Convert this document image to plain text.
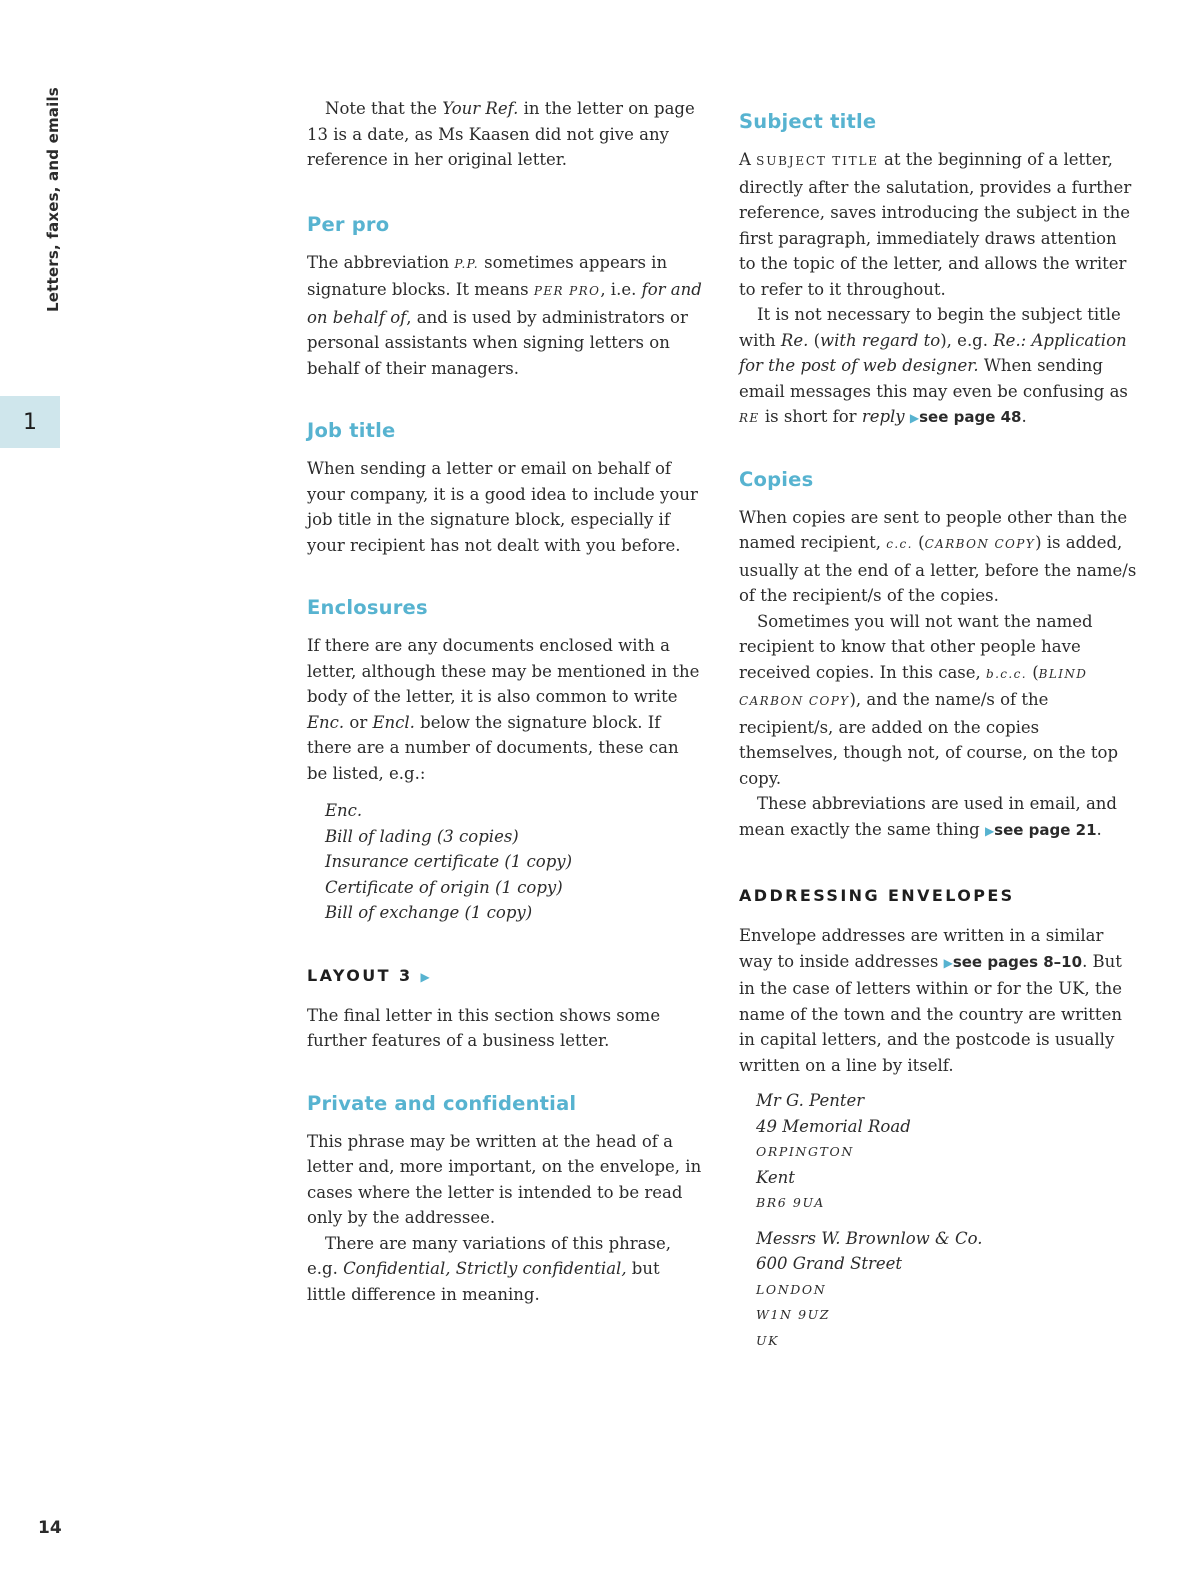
Letters, faxes, and emails
1
14

Note that the Your Ref. in the letter on page 13 is a date, as Ms Kaasen did not give any reference in her original letter.

Per pro

The abbreviation P.P. sometimes appears in signature blocks. It means PER PRO, i.e. for and on behalf of, and is used by administrators or personal assistants when signing letters on behalf of their managers.

Job title

When sending a letter or email on behalf of your company, it is a good idea to include your job title in the signature block, especially if your recipient has not dealt with you before.

Enclosures

If there are any documents enclosed with a letter, although these may be mentioned in the body of the letter, it is also common to write Enc. or Encl. below the signature block. If there are a number of documents, these can be listed, e.g.:

Enc.
Bill of lading (3 copies)
Insurance certificate (1 copy)
Certificate of origin (1 copy)
Bill of exchange (1 copy)
LAYOUT 3 ▶

The final letter in this section shows some further features of a business letter.

Private and confidential

This phrase may be written at the head of a letter and, more important, on the envelope, in cases where the letter is intended to be read only by the addressee.

There are many variations of this phrase, e.g. Confidential, Strictly confidential, but little difference in meaning.

Subject title

A SUBJECT TITLE at the beginning of a letter, directly after the salutation, provides a further reference, saves introducing the subject in the first paragraph, immediately draws attention to the topic of the letter, and allows the writer to refer to it throughout.

It is not necessary to begin the subject title with Re. (with regard to), e.g. Re.: Application for the post of web designer. When sending email messages this may even be confusing as RE is short for reply ▶see page 48.

Copies

When copies are sent to people other than the named recipient, c.c. (CARBON COPY) is added, usually at the end of a letter, before the name/s of the recipient/s of the copies.

Sometimes you will not want the named recipient to know that other people have received copies. In this case, b.c.c. (BLIND CARBON COPY), and the name/s of the recipient/s, are added on the copies themselves, though not, of course, on the top copy.

These abbreviations are used in email, and mean exactly the same thing ▶see page 21.

ADDRESSING ENVELOPES

Envelope addresses are written in a similar way to inside addresses ▶see pages 8–10. But in the case of letters within or for the UK, the name of the town and the country are written in capital letters, and the postcode is usually written on a line by itself.

Mr G. Penter
49 Memorial Road
ORPINGTON
Kent
BR6 9UA
Messrs W. Brownlow & Co.
600 Grand Street
LONDON
W1N 9UZ
UK
